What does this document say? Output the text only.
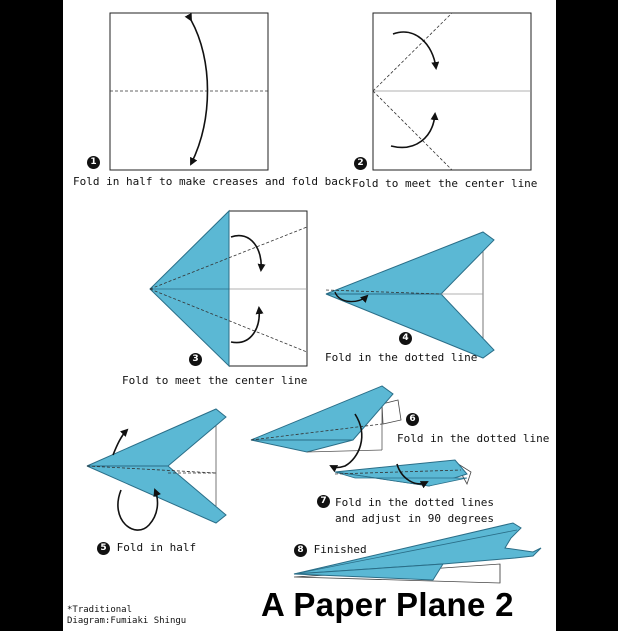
1
Fold in half to make creases and fold back
2
Fold to meet the center line
3
Fold to meet the center line
4
Fold in the dotted line
5 Fold in half
6
Fold in the dotted line
7 Fold in the dotted lines
and adjust in 90 degrees
8 Finished
*Traditional
Diagram:Fumiaki Shingu A Paper Plane 2
